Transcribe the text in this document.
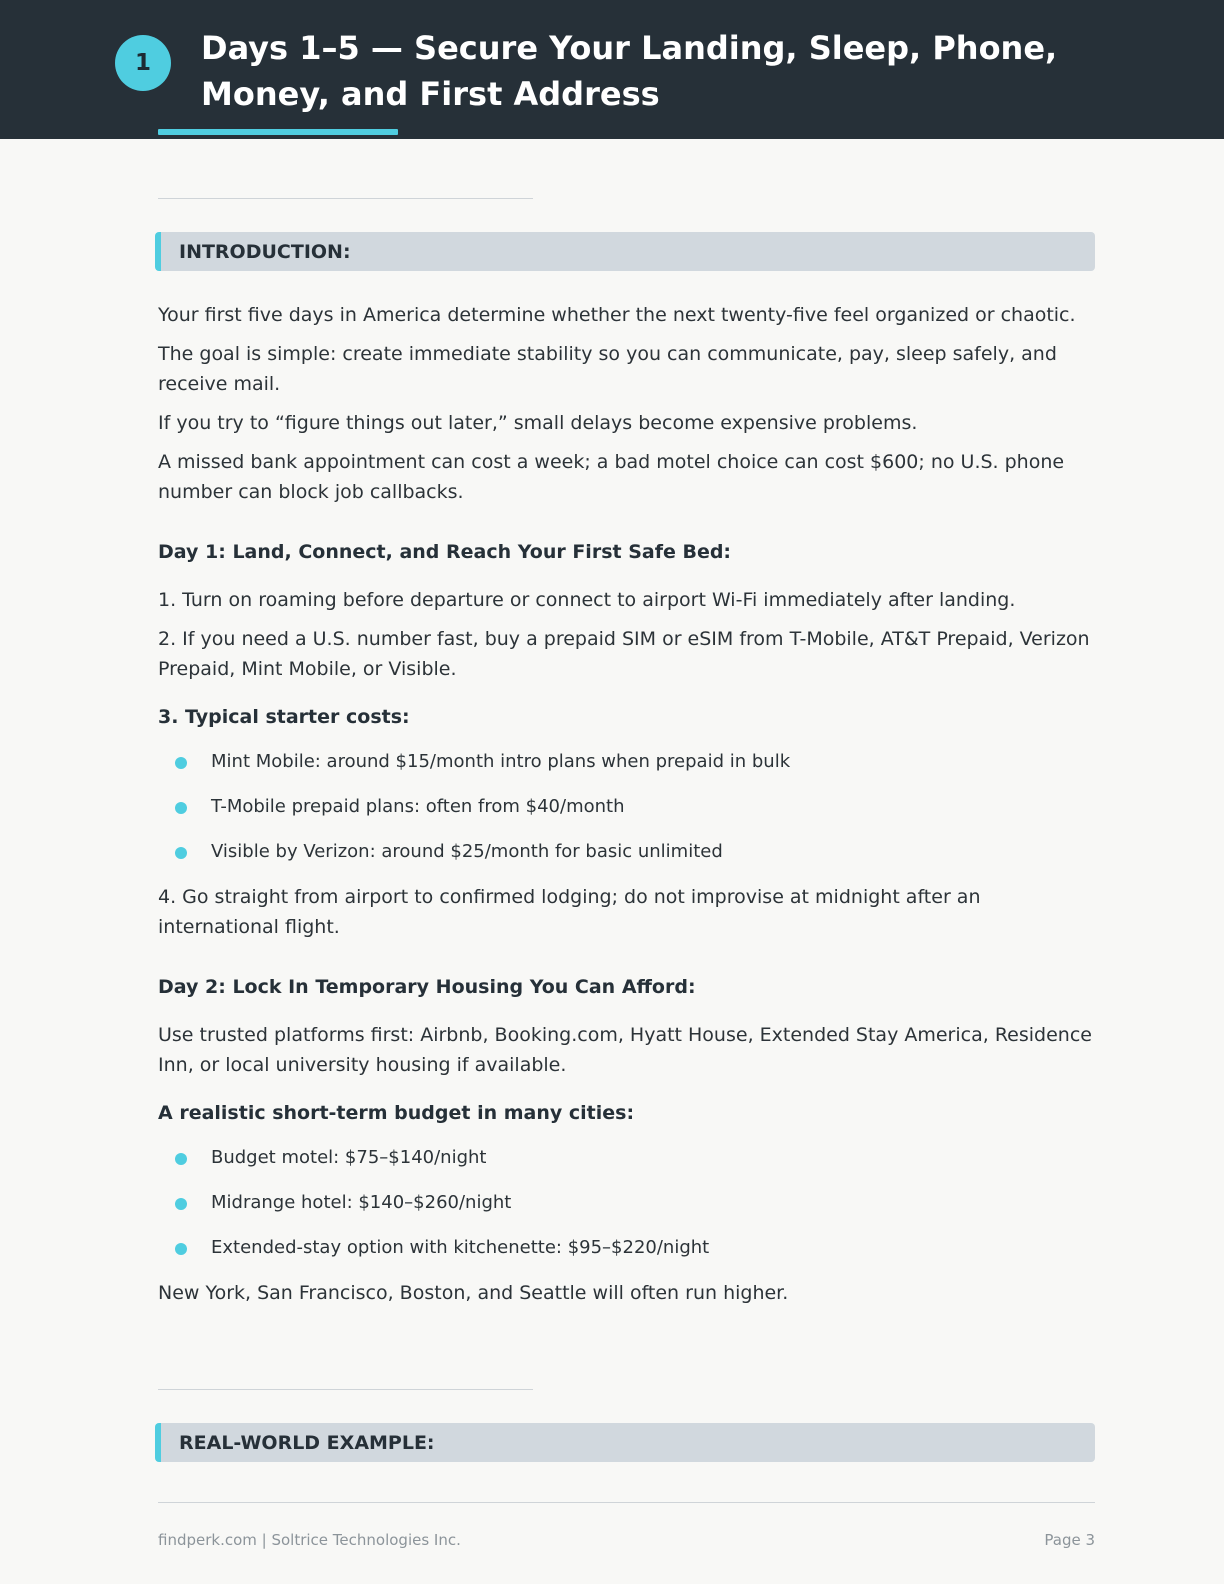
1	Days 1–5 — Secure Your Landing, Sleep, Phone, Money, and First Address
INTRODUCTION:

Your first five days in America determine whether the next twenty-five feel organized or chaotic.

The goal is simple: create immediate stability so you can communicate, pay, sleep safely, and receive mail.

If you try to “figure things out later,” small delays become expensive problems.

A missed bank appointment can cost a week; a bad motel choice can cost $600; no U.S. phone number can block job callbacks.

Day 1: Land, Connect, and Reach Your First Safe Bed:

1. Turn on roaming before departure or connect to airport Wi-Fi immediately after landing.

2. If you need a U.S. number fast, buy a prepaid SIM or eSIM from T-Mobile, AT&T Prepaid, Verizon Prepaid, Mint Mobile, or Visible.

3. Typical starter costs:
Mint Mobile: around $15/month intro plans when prepaid in bulk
T-Mobile prepaid plans: often from $40/month
Visible by Verizon: around $25/month for basic unlimited

4. Go straight from airport to confirmed lodging; do not improvise at midnight after an international flight.

Day 2: Lock In Temporary Housing You Can Afford:

Use trusted platforms first: Airbnb, Booking.com, Hyatt House, Extended Stay America, Residence Inn, or local university housing if available.

A realistic short-term budget in many cities:
Budget motel: $75–$140/night
Midrange hotel: $140–$260/night
Extended-stay option with kitchenette: $95–$220/night

New York, San Francisco, Boston, and Seattle will often run higher.

REAL-WORLD EXAMPLE:
findperk.com | Soltrice Technologies Inc.	Page 3
